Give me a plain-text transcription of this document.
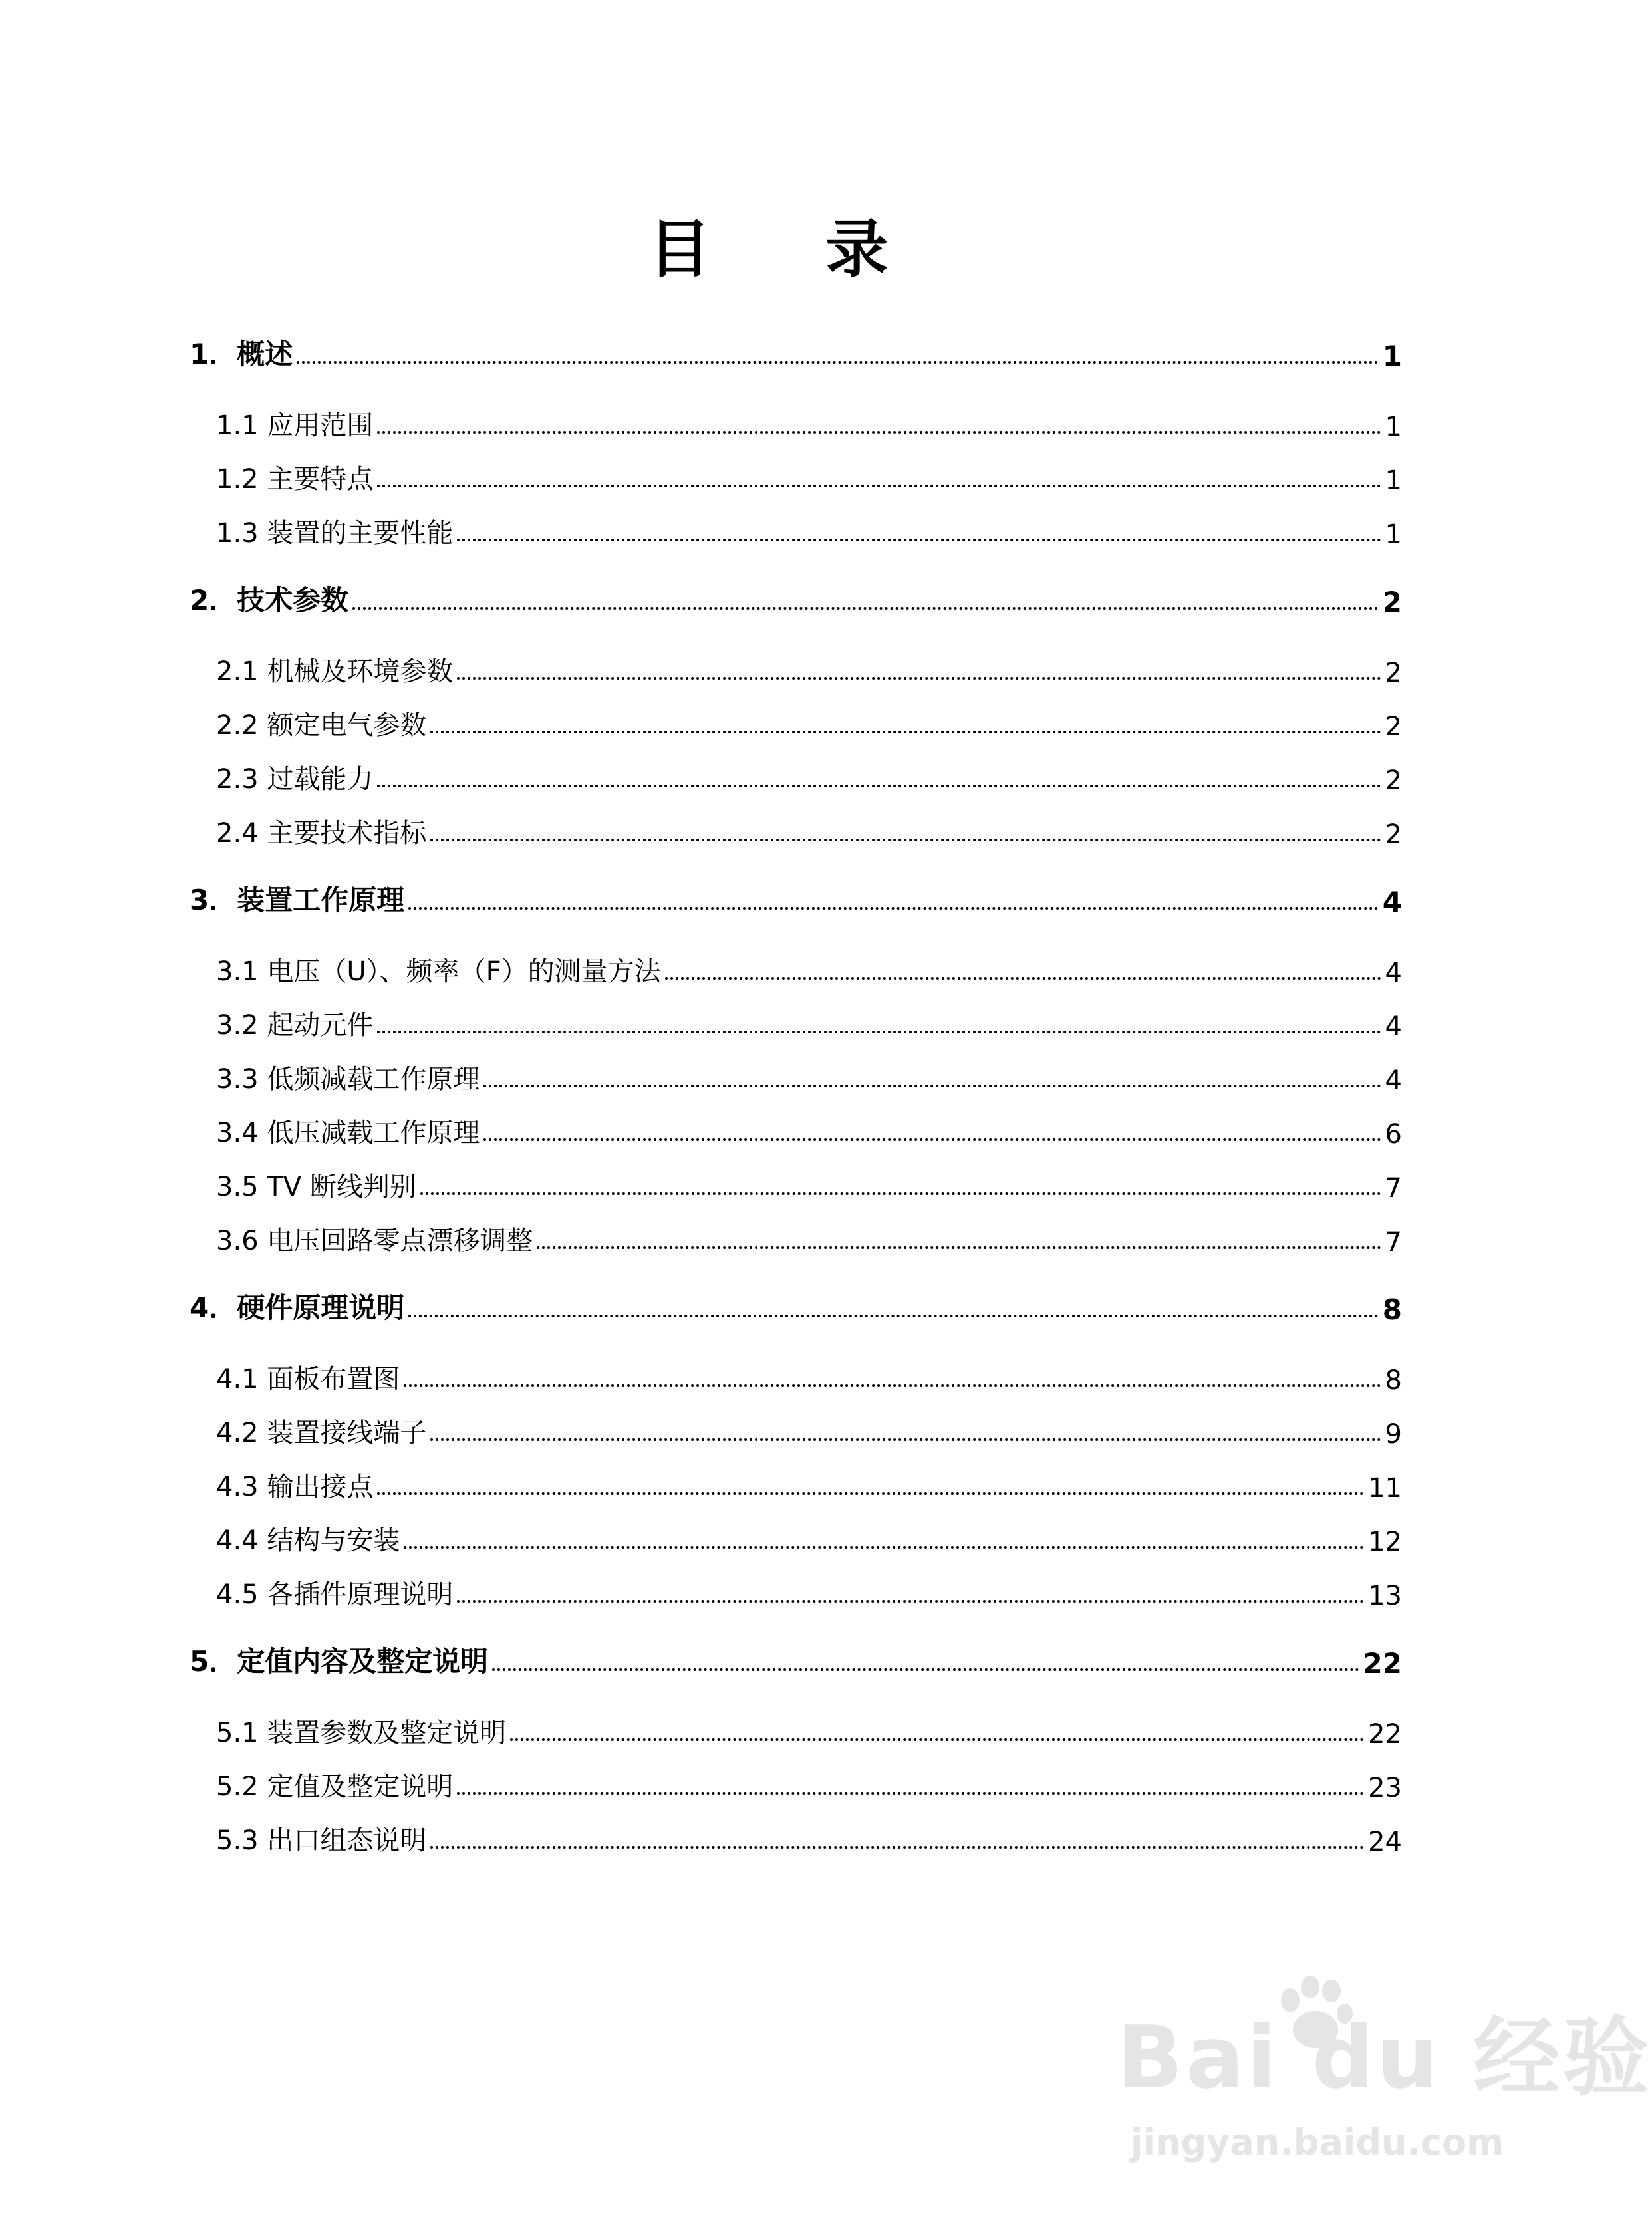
目 录
1．概述	1
1.1 应用范围	1
1.2 主要特点	1
1.3 装置的主要性能	1
2．技术参数	2
2.1 机械及环境参数	2
2.2 额定电气参数	2
2.3 过载能力	2
2.4 主要技术指标	2
3．装置工作原理	4
3.1 电压（U）、频率（F）的测量方法	4
3.2 起动元件	4
3.3 低频减载工作原理	4
3.4 低压减载工作原理	6
3.5 TV 断线判别	7
3.6 电压回路零点漂移调整	7
4．硬件原理说明	8
4.1 面板布置图	8
4.2 装置接线端子	9
4.3 输出接点	11
4.4 结构与安装	12
4.5 各插件原理说明	13
5．定值内容及整定说明	22
5.1 装置参数及整定说明	22
5.2 定值及整定说明	23
5.3 出口组态说明	24
Bai du 经验
jingyan.baidu.com
